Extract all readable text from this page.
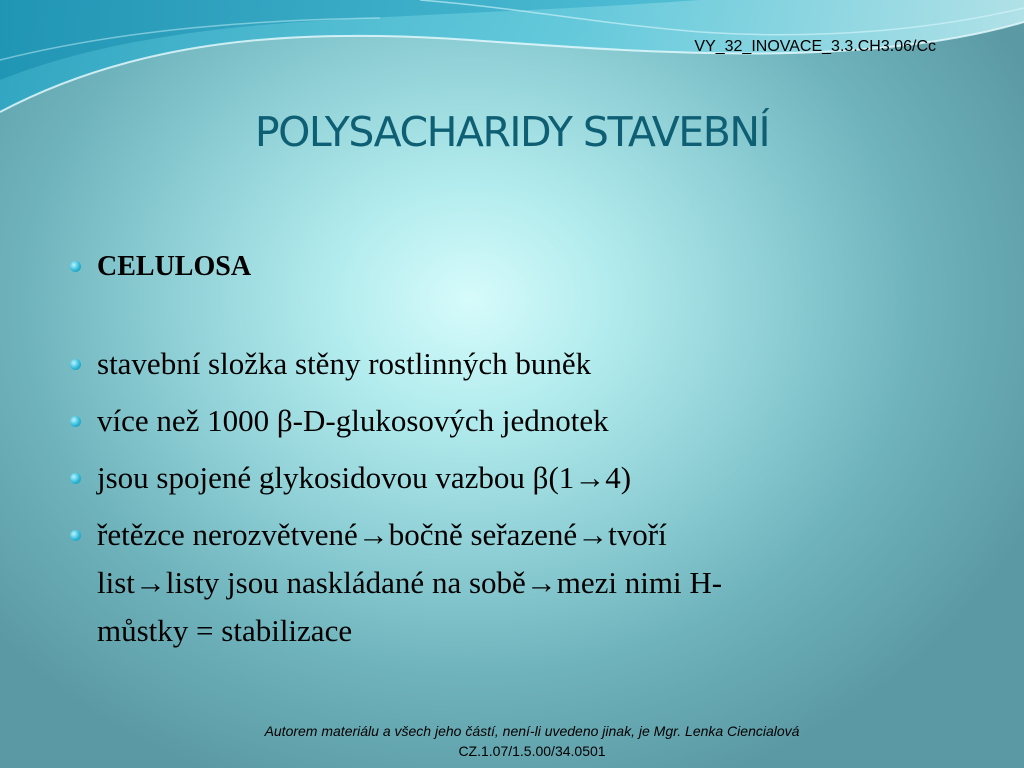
VY_32_INOVACE_3.3.CH3.06/Cc
POLYSACHARIDY STAVEBNÍ
CELULOSA
stavební složka stěny rostlinných buněk
více než 1000 β-D-glukosových jednotek
jsou spojené glykosidovou vazbou β(1→4)
řetězce nerozvětvené→bočně seřazené→tvoří
list→listy jsou naskládané na sobě→mezi nimi H-
můstky = stabilizace
Autorem materiálu a všech jeho částí, není-li uvedeno jinak, je Mgr. Lenka Ciencialová
CZ.1.07/1.5.00/34.0501
